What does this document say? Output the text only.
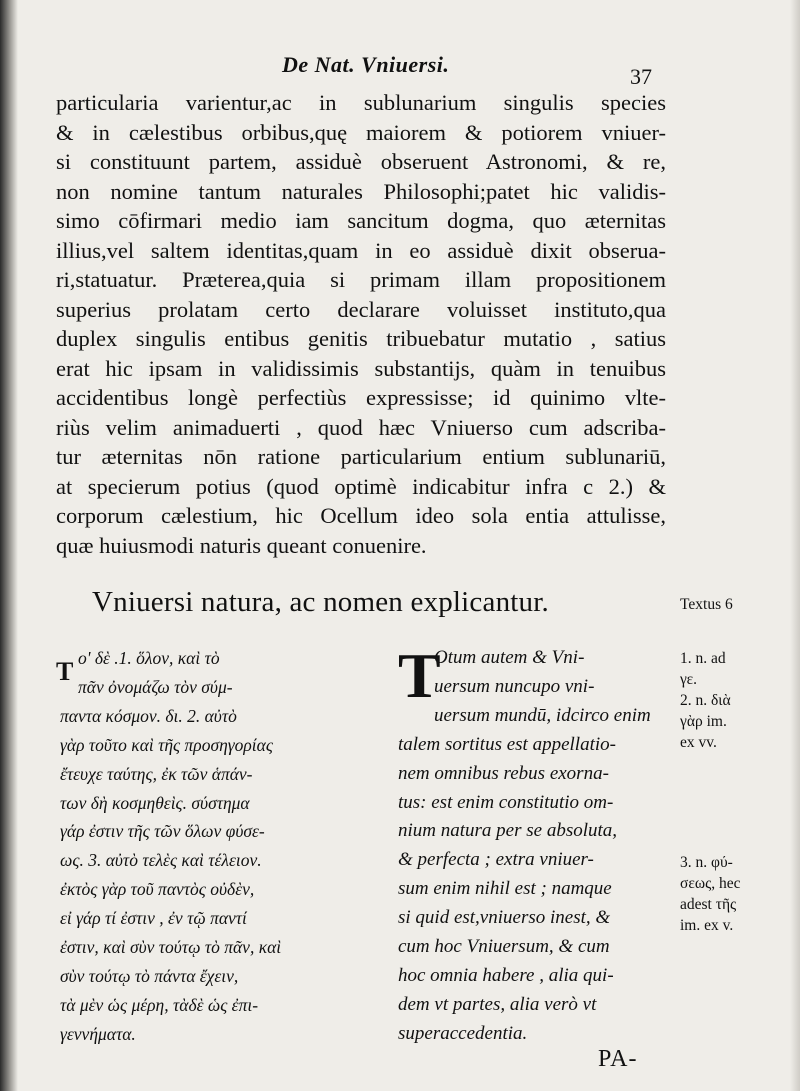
De Nat. Vniuersi.	37
particularia varientur,ac in sublunarium singulis species
& in cælestibus orbibus,quę maiorem & potiorem vniuer-
si constituunt partem, assiduè obseruent Astronomi, & re,
non nomine tantum naturales Philosophi;patet hic validis-
simo cōfirmari medio iam sancitum dogma, quo æternitas
illius,vel saltem identitas,quam in eo assiduè dixit obserua-
ri,statuatur. Præterea,quia si primam illam propositionem
superius prolatam certo declarare voluisset instituto,qua
duplex singulis entibus genitis tribuebatur mutatio , satius
erat hic ipsam in validissimis substantijs, quàm in tenuibus
accidentibus longè perfectiùs expressisse; id quinimo vlte-
riùs velim animaduerti , quod hæc Vniuerso cum adscriba-
tur æternitas nōn ratione particularium entium sublunariū,
at specierum potius (quod optimè indicabitur infra c 2.) &
corporum cælestium, hic Ocellum ideo sola entia attulisse,
quæ huiusmodi naturis queant conuenire.
Vniuersi natura, ac nomen explicantur.	Textus 6
T ο' δὲ .1. ὅλον, καὶ τὸ
πᾶν ὀνομάζω τὸν σύμ-
παντα κόσμον. δι. 2. αὐτὸ
γὰρ τοῦτο καὶ τῆς προσηγορίας
ἔτευχε ταύτης, ἐκ τῶν ἁπάν-
των δὴ κοσμηθεὶς. σύστημα
γάρ ἐστιν τῆς τῶν ὅλων φύσε-
ως. 3. αὐτὸ τελὲς καὶ τέλειον.
ἐκτὸς γὰρ τοῦ παντὸς οὐδὲν,
εἰ γάρ τί ἐστιν , ἐν τῷ παντί
ἐστιν, καὶ σὺν τούτῳ τὸ πᾶν, καὶ
σὺν τούτῳ τὸ πάντα ἔχειν,
τὰ μὲν ὡς μέρη, τὰδὲ ὡς ἐπι-
γεννήματα.
T
Otum autem & Vni-
uersum nuncupo vni-
uersum mundū, idcirco enim
talem sortitus est appellatio-
nem omnibus rebus exorna-
tus: est enim constitutio om-
nium natura per se absoluta,
& perfecta ; extra vniuer-
sum enim nihil est ; namque
si quid est,vniuerso inest, &
cum hoc Vniuersum, & cum
hoc omnia habere , alia qui-
dem vt partes, alia verò vt
superaccedentia.
1. n. ad
γε.
2. n. διὰ
γὰρ im.
ex vv.
3. n. φύ-
σεως, hec
adest τῆς
im. ex v.
PA-
